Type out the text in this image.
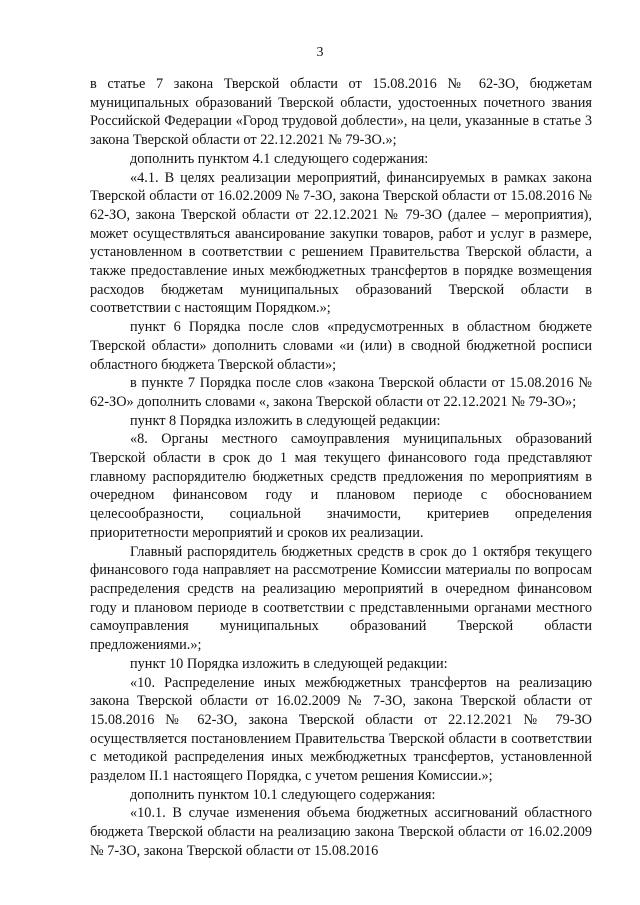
3

в статье 7 закона Тверской области от 15.08.2016 № 62-ЗО, бюджетам муниципальных образований Тверской области, удостоенных почетного звания Российской Федерации «Город трудовой доблести», на цели, указанные в статье 3 закона Тверской области от 22.12.2021 № 79-ЗО.»;

дополнить пунктом 4.1 следующего содержания:

«4.1. В целях реализации мероприятий, финансируемых в рамках закона Тверской области от 16.02.2009 № 7-ЗО, закона Тверской области от 15.08.2016 № 62-ЗО, закона Тверской области от 22.12.2021 № 79-ЗО (далее – мероприятия), может осуществляться авансирование закупки товаров, работ и услуг в размере, установленном в соответствии с решением Правительства Тверской области, а также предоставление иных межбюджетных трансфертов в порядке возмещения расходов бюджетам муниципальных образований Тверской области в соответствии с настоящим Порядком.»;

пункт 6 Порядка после слов «предусмотренных в областном бюджете Тверской области» дополнить словами «и (или) в сводной бюджетной росписи областного бюджета Тверской области»;

в пункте 7 Порядка после слов «закона Тверской области от 15.08.2016 № 62-ЗО» дополнить словами «, закона Тверской области от 22.12.2021 № 79-ЗО»;

пункт 8 Порядка изложить в следующей редакции:

«8. Органы местного самоуправления муниципальных образований Тверской области в срок до 1 мая текущего финансового года представляют главному распорядителю бюджетных средств предложения по мероприятиям в очередном финансовом году и плановом периоде с обоснованием целесообразности, социальной значимости, критериев определения приоритетности мероприятий и сроков их реализации.

Главный распорядитель бюджетных средств в срок до 1 октября текущего финансового года направляет на рассмотрение Комиссии материалы по вопросам распределения средств на реализацию мероприятий в очередном финансовом году и плановом периоде в соответствии с представленными органами местного самоуправления муниципальных образований Тверской области предложениями.»;

пункт 10 Порядка изложить в следующей редакции:

«10. Распределение иных межбюджетных трансфертов на реализацию закона Тверской области от 16.02.2009 № 7-ЗО, закона Тверской области от 15.08.2016 № 62-ЗО, закона Тверской области от 22.12.2021 № 79-ЗО осуществляется постановлением Правительства Тверской области в соответствии с методикой распределения иных межбюджетных трансфертов, установленной разделом II.1 настоящего Порядка, с учетом решения Комиссии.»;

дополнить пунктом 10.1 следующего содержания:

«10.1. В случае изменения объема бюджетных ассигнований областного бюджета Тверской области на реализацию закона Тверской области от 16.02.2009 № 7-ЗО, закона Тверской области от 15.08.2016
